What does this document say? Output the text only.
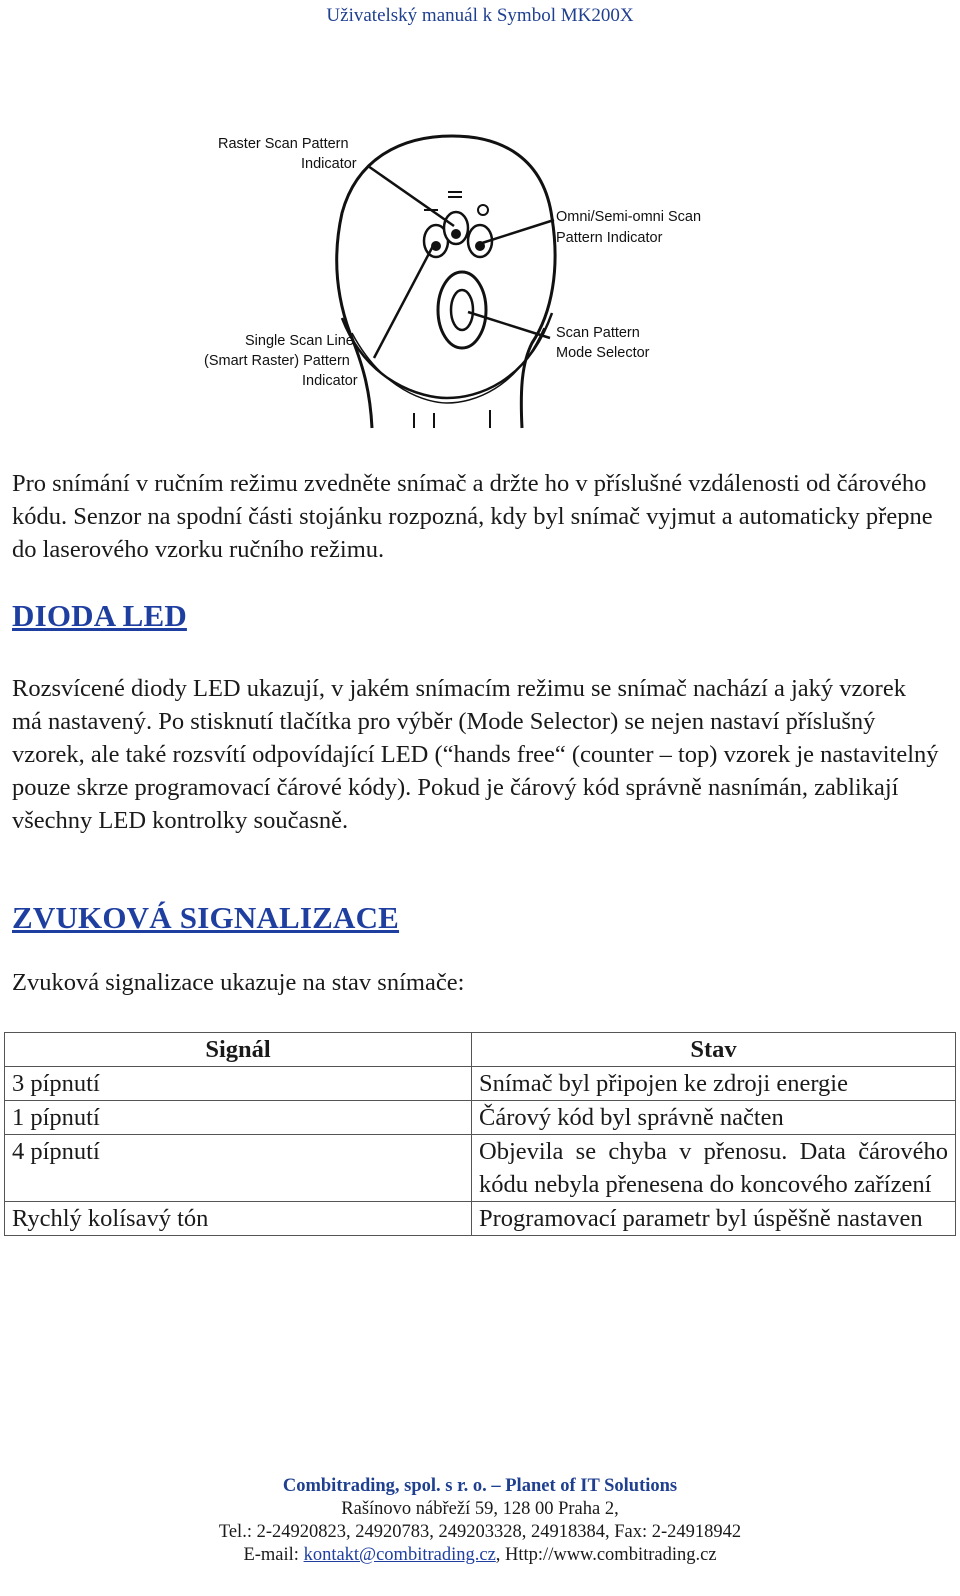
Uživatelský manuál k Symbol MK200X
Raster Scan Pattern
Indicator
Omni/Semi-omni Scan
Pattern Indicator
Single Scan Line
(Smart Raster) Pattern
Indicator
Scan Pattern
Mode Selector

Pro snímání v ručním režimu zvedněte snímač a držte ho v příslušné vzdálenosti od čárového kódu. Senzor na spodní části stojánku rozpozná, kdy byl snímač vyjmut a automaticky přepne do laserového vzorku ručního režimu.

DIODA LED

Rozsvícené diody LED ukazují, v jakém snímacím režimu se snímač nachází a jaký vzorek má nastavený. Po stisknutí tlačítka pro výběr (Mode Selector) se nejen nastaví příslušný vzorek, ale také rozsvítí odpovídající LED (“hands free“ (counter – top) vzorek je nastavitelný pouze skrze programovací čárové kódy). Pokud je čárový kód správně nasnímán, zablikají všechny LED kontrolky současně.

ZVUKOVÁ SIGNALIZACE

Zvuková signalizace ukazuje na stav snímače:

Signál	Stav
3 pípnutí	Snímač byl připojen ke zdroji energie
1 pípnutí	Čárový kód byl správně načten
4 pípnutí	Objevila se chyba v přenosu. Data čárového kódu nebyla přenesena do koncového zařízení
Rychlý kolísavý tón	Programovací parametr byl úspěšně nastaven
Combitrading, spol. s r. o. – Planet of IT Solutions
Rašínovo nábřeží 59, 128 00 Praha 2,
Tel.: 2-24920823, 24920783, 249203328, 24918384, Fax: 2-24918942
E-mail: kontakt@combitrading.cz, Http://www.combitrading.cz
